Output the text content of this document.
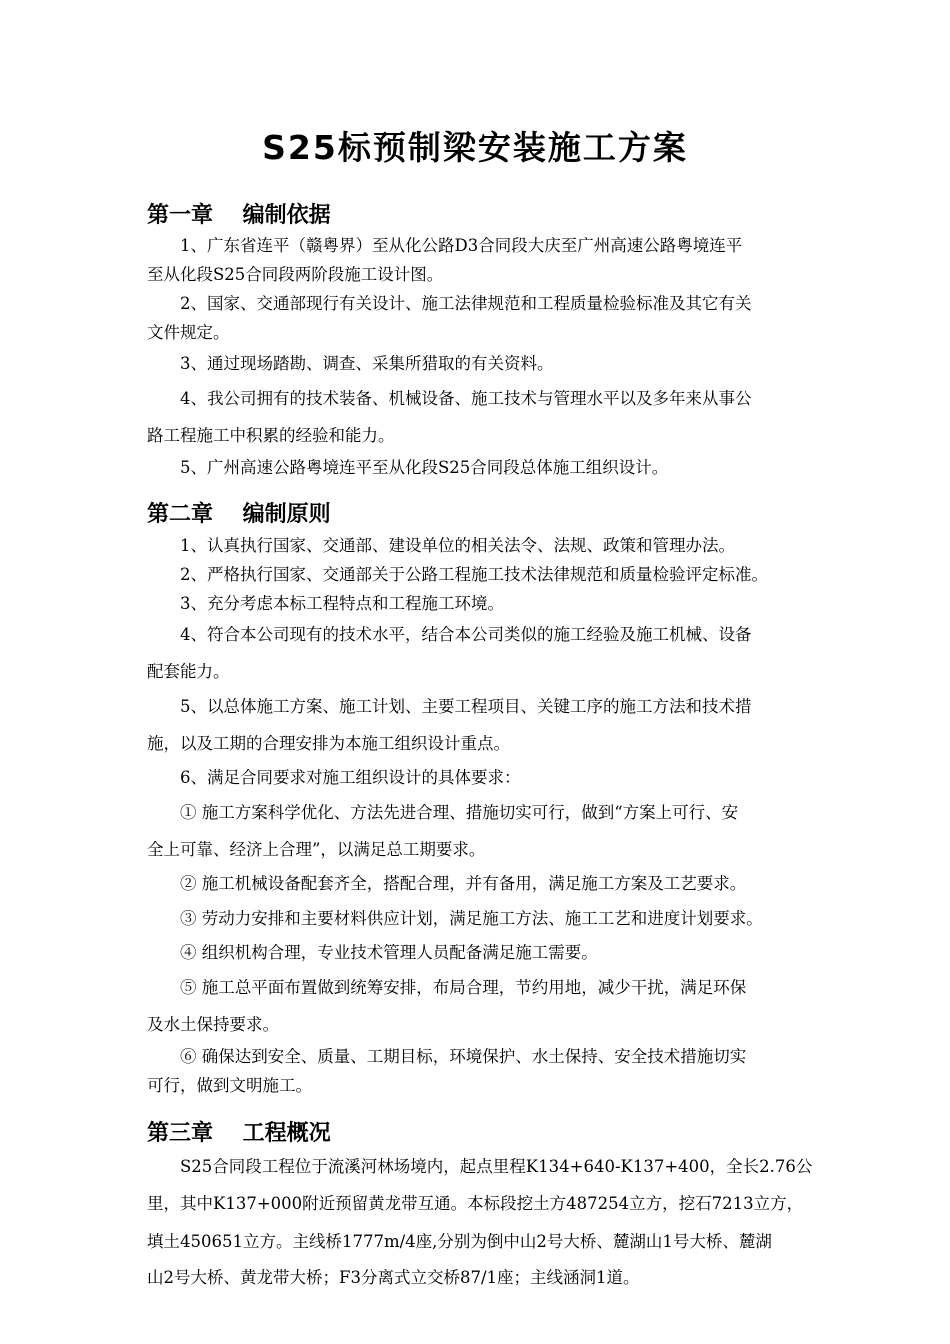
S25标预制梁安装施工方案
第一章　 编制依据
1、广东省连平（赣粤界）至从化公路D3合同段大庆至广州高速公路粤境连平
至从化段S25合同段两阶段施工设计图。
2、国家、交通部现行有关设计、施工法律规范和工程质量检验标准及其它有关
文件规定。
3、通过现场踏勘、调查、采集所猎取的有关资料。
4、我公司拥有的技术装备、机械设备、施工技术与管理水平以及多年来从事公
路工程施工中积累的经验和能力。
5、广州高速公路粤境连平至从化段S25合同段总体施工组织设计。
第二章　 编制原则
1、认真执行国家、交通部、建设单位的相关法令、法规、政策和管理办法。
2、严格执行国家、交通部关于公路工程施工技术法律规范和质量检验评定标准。
3、充分考虑本标工程特点和工程施工环境。
4、符合本公司现有的技术水平，结合本公司类似的施工经验及施工机械、设备
配套能力。
5、以总体施工方案、施工计划、主要工程项目、关键工序的施工方法和技术措
施，以及工期的合理安排为本施工组织设计重点。
6、满足合同要求对施工组织设计的具体要求：
① 施工方案科学优化、方法先进合理、措施切实可行，做到“方案上可行、安
全上可靠、经济上合理”，以满足总工期要求。
② 施工机械设备配套齐全，搭配合理，并有备用，满足施工方案及工艺要求。
③ 劳动力安排和主要材料供应计划，满足施工方法、施工工艺和进度计划要求。
④ 组织机构合理，专业技术管理人员配备满足施工需要。
⑤ 施工总平面布置做到统筹安排，布局合理，节约用地，减少干扰，满足环保
及水土保持要求。
⑥ 确保达到安全、质量、工期目标，环境保护、水土保持、安全技术措施切实
可行，做到文明施工。
第三章　 工程概况
S25合同段工程位于流溪河林场境内，起点里程K134+640-K137+400，全长2.76公
里，其中K137+000附近预留黄龙带互通。本标段挖土方487254立方，挖石7213立方，
填土450651立方。主线桥1777m/4座,分别为倒中山2号大桥、麓湖山1号大桥、麓湖
山2号大桥、黄龙带大桥；F3分离式立交桥87/1座；主线涵洞1道。
